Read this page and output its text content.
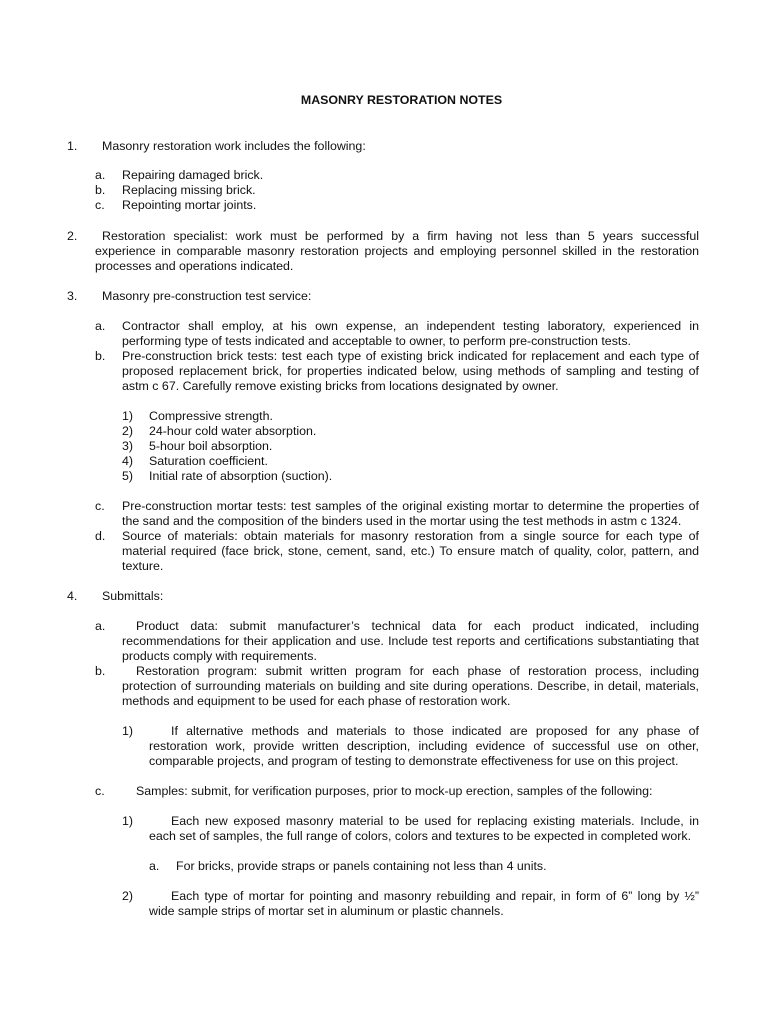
MASONRY RESTORATION NOTES
1. Masonry restoration work includes the following:
a. Repairing damaged brick.
b. Replacing missing brick.
c. Repointing mortar joints.
2.	Restoration specialist: work must be performed by a firm having not less than 5 years successful
experience in comparable masonry restoration projects and employing personnel skilled in the restoration
processes and operations indicated.
3. Masonry pre-construction test service:
a. Contractor shall employ, at his own expense, an independent testing laboratory, experienced in
performing type of tests indicated and acceptable to owner, to perform pre-construction tests.
b. Pre-construction brick tests: test each type of existing brick indicated for replacement and each type of
proposed replacement brick, for properties indicated below, using methods of sampling and testing of
astm c 67. Carefully remove existing bricks from locations designated by owner.
1) Compressive strength.
2) 24-hour cold water absorption.
3) 5-hour boil absorption.
4) Saturation coefficient.
5) Initial rate of absorption (suction).
c. Pre-construction mortar tests: test samples of the original existing mortar to determine the properties of
the sand and the composition of the binders used in the mortar using the test methods in astm c 1324.
d. Source of materials: obtain materials for masonry restoration from a single source for each type of
material required (face brick, stone, cement, sand, etc.) To ensure match of quality, color, pattern, and
texture.
4. Submittals:
a.	Product data: submit manufacturer’s technical data for each product indicated, including
recommendations for their application and use. Include test reports and certifications substantiating that
products comply with requirements.
b.	Restoration program: submit written program for each phase of restoration process, including
protection of surrounding materials on building and site during operations. Describe, in detail, materials,
methods and equipment to be used for each phase of restoration work.
1)	If alternative methods and materials to those indicated are proposed for any phase of
restoration work, provide written description, including evidence of successful use on other,
comparable projects, and program of testing to demonstrate effectiveness for use on this project.
c.	Samples: submit, for verification purposes, prior to mock-up erection, samples of the following:
1)	Each new exposed masonry material to be used for replacing existing materials. Include, in
each set of samples, the full range of colors, colors and textures to be expected in completed work.
a. For bricks, provide straps or panels containing not less than 4 units.
2)	Each type of mortar for pointing and masonry rebuilding and repair, in form of 6” long by ½”
wide sample strips of mortar set in aluminum or plastic channels.
